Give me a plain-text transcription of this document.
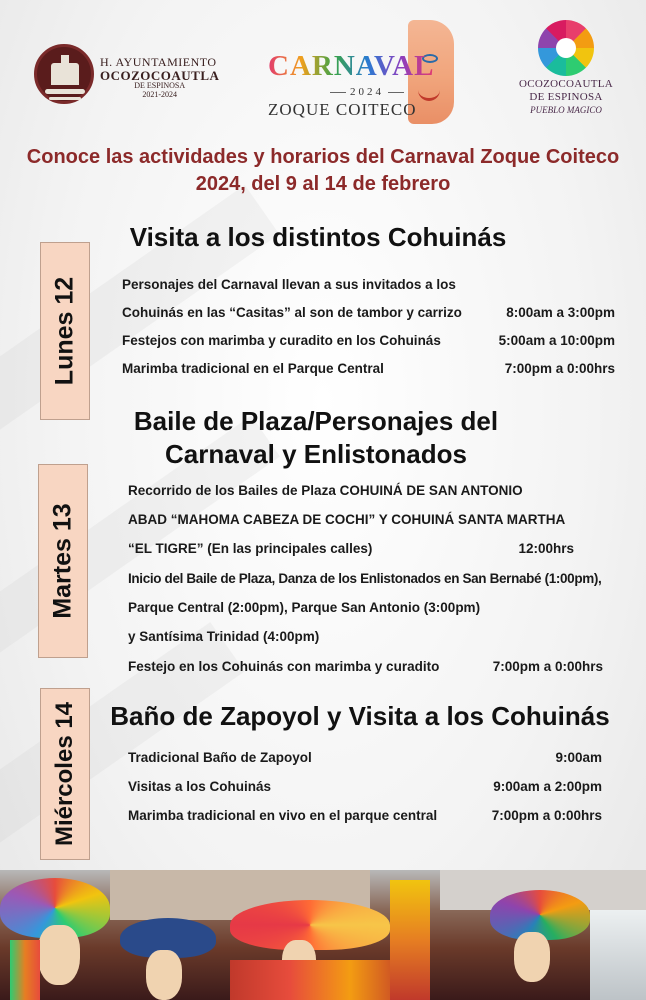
H. AYUNTAMIENTO
OCOZOCOAUTLA
DE ESPINOSA
2021-2024
CARNAVAL
2024
ZOQUE COITECO
OCOZOCOAUTLA
DE ESPINOSA
PUEBLO MAGICO
Conoce las actividades y horarios del Carnaval Zoque Coiteco 2024, del 9 al 14 de febrero
Lunes 12
Visita a los distintos Cohuinás
Personajes del Carnaval llevan a sus invitados a los
Cohuinás en las “Casitas” al son de tambor y carrizo	8:00am a 3:00pm
Festejos con marimba y curadito en los Cohuinás	5:00am a 10:00pm
Marimba tradicional en el Parque Central	7:00pm a 0:00hrs
Martes 13
Baile de Plaza/Personajes del
Carnaval y Enlistonados
Recorrido de los Bailes de Plaza COHUINÁ DE SAN ANTONIO
ABAD “MAHOMA CABEZA DE COCHI” Y COHUINÁ SANTA MARTHA
“EL TIGRE” (En las principales calles)	12:00hrs
Inicio del Baile de Plaza, Danza de los Enlistonados en San Bernabé (1:00pm),
Parque Central (2:00pm), Parque San Antonio (3:00pm)
y Santísima Trinidad (4:00pm)
Festejo en los Cohuinás con marimba y curadito	7:00pm a 0:00hrs
Miércoles 14	Baño de Zapoyol y Visita a los Cohuinás
Tradicional Baño de Zapoyol	9:00am
Visitas a los Cohuinás	9:00am a 2:00pm
Marimba tradicional en vivo en el parque central	7:00pm a 0:00hrs
